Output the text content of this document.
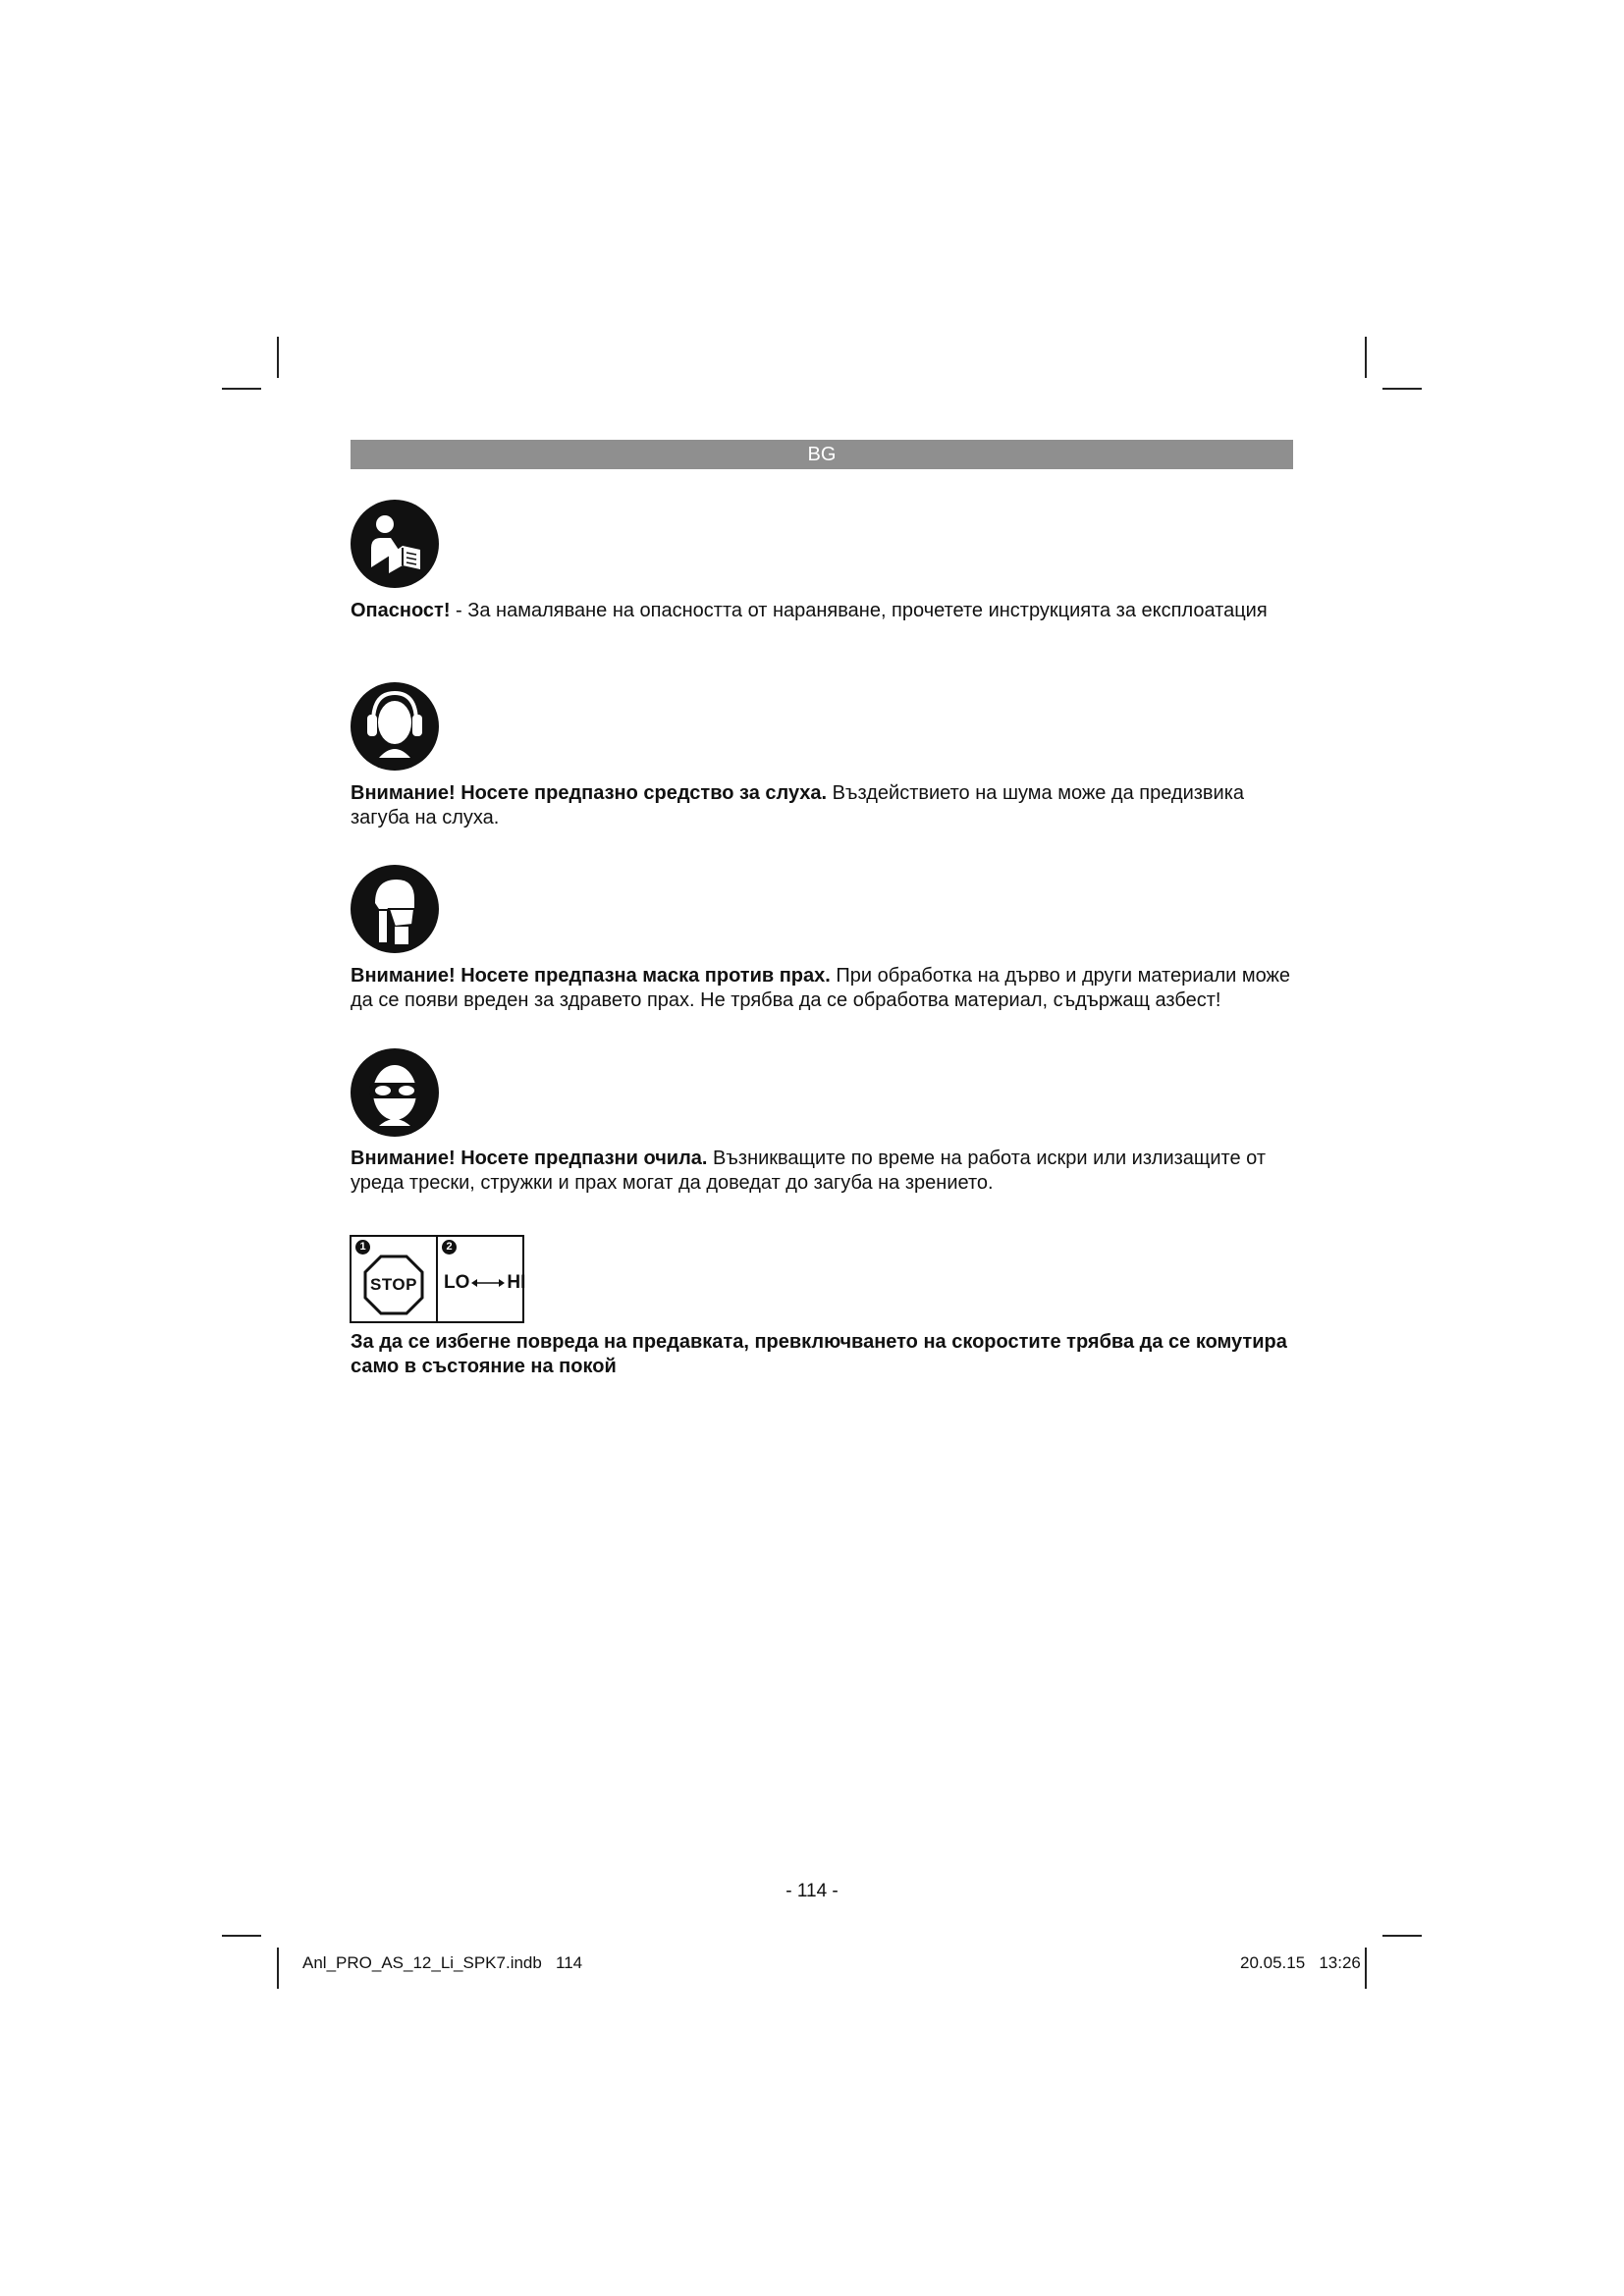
BG

Опасност! - За намаляване на опасността от нараняване, прочетете инструкцията за експлоатация

Внимание! Носете предпазно средство за слуха. Въздействието на шума може да предизвика загуба на слуха.

Внимание! Носете предпазна маска против прах. При обработка на дърво и други материали може да се появи вреден за здравето прах. Не трябва да се обработва материал, съдържащ азбест!

Внимание! Носете предпазни очила. Възникващите по време на работа искри или излизащите от уреда трески, стружки и прах могат да доведат до загуба на зрението.

1
STOP
2
LO HI

За да се избегне повреда на предавката, превключването на скоростите трябва да се комутира само в състояние на покой

- 114 -
Anl_PRO_AS_12_Li_SPK7.indb   114	20.05.15   13:26
